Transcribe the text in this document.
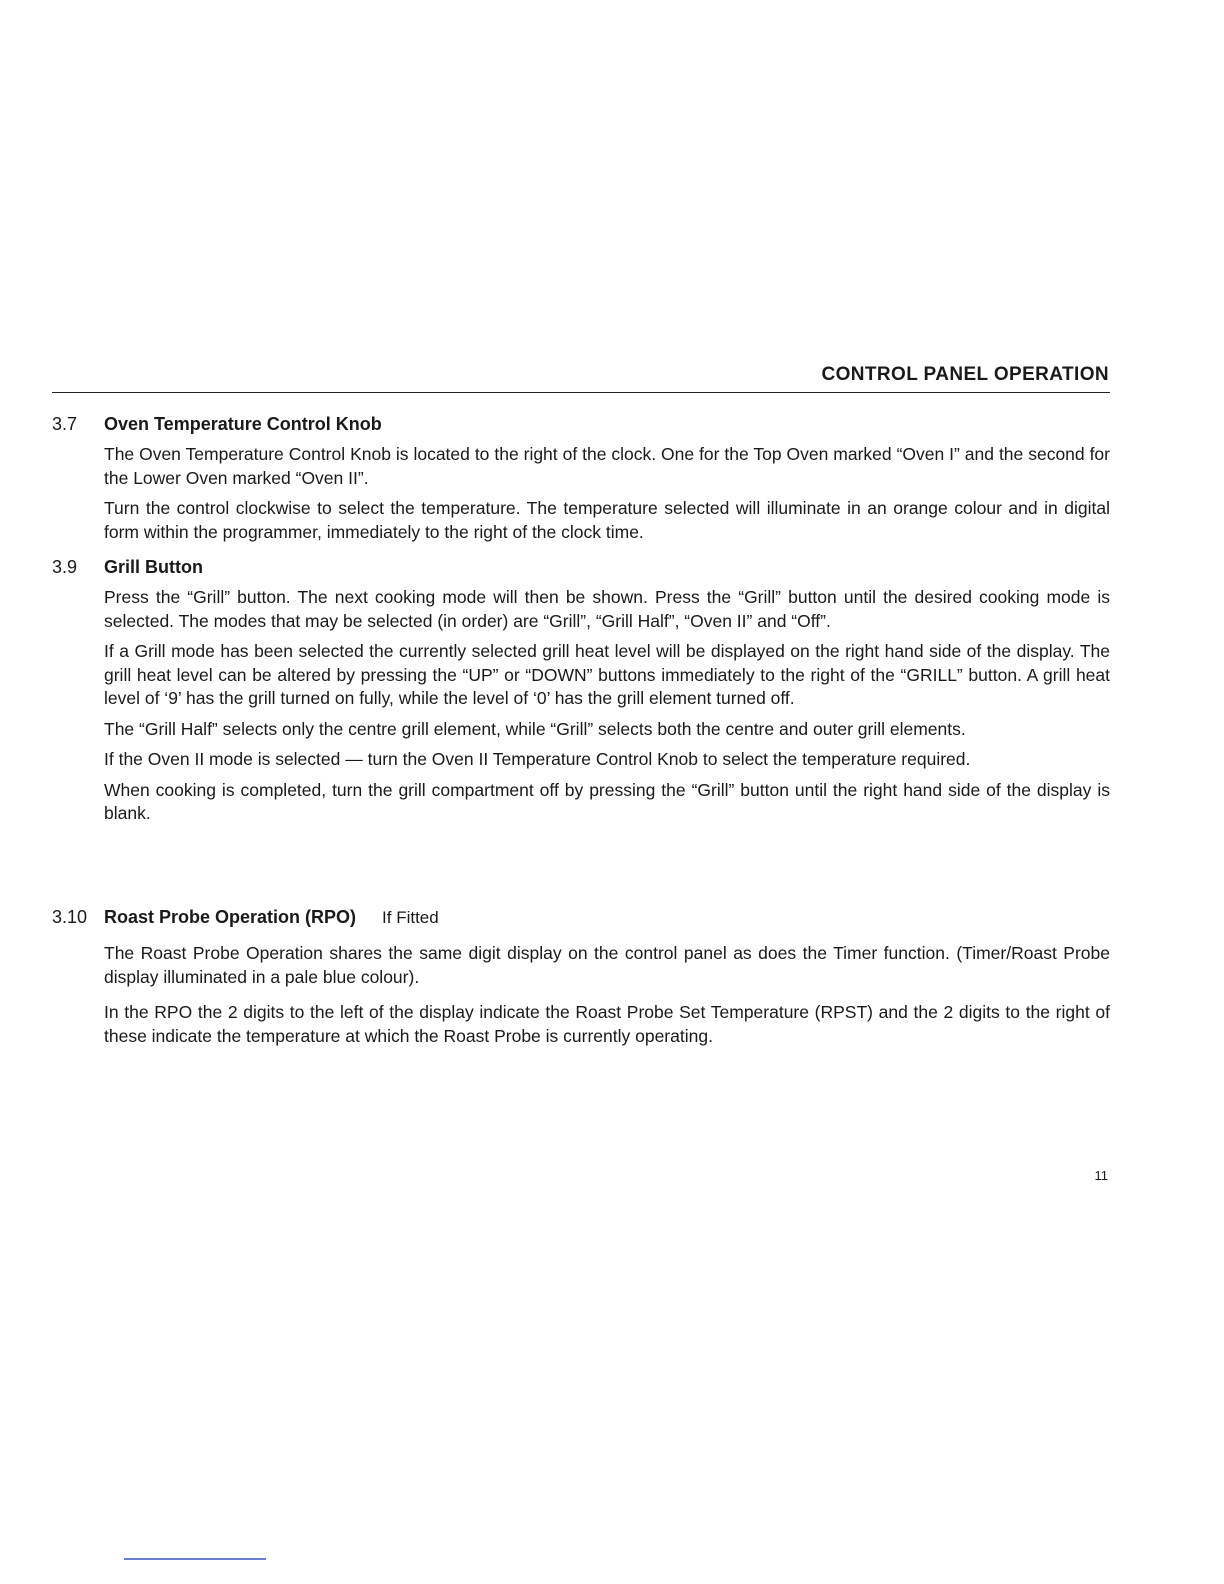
CONTROL PANEL OPERATION
3.7	Oven Temperature Control Knob

The Oven Temperature Control Knob is located to the right of the clock. One for the Top Oven marked “Oven I” and the second for the Lower Oven marked “Oven II”.

Turn the control clockwise to select the temperature. The temperature selected will illuminate in an orange colour and in digital form within the programmer, immediately to the right of the clock time.

3.9	Grill Button

Press the “Grill” button. The next cooking mode will then be shown. Press the “Grill” button until the desired cooking mode is selected. The modes that may be selected (in order) are “Grill”, “Grill Half”, “Oven II” and “Off”.

If a Grill mode has been selected the currently selected grill heat level will be displayed on the right hand side of the display. The grill heat level can be altered by pressing the “UP” or “DOWN” buttons immediately to the right of the “GRILL” button. A grill heat level of ‘9’ has the grill turned on fully, while the level of ‘0’ has the grill element turned off.

The “Grill Half” selects only the centre grill element, while “Grill” selects both the centre and outer grill elements.

If the Oven II mode is selected — turn the Oven II Temperature Control Knob to select the temperature required.

When cooking is completed, turn the grill compartment off by pressing the “Grill” button until the right hand side of the display is blank.

3.10 Roast Probe Operation (RPO) If Fitted

The Roast Probe Operation shares the same digit display on the control panel as does the Timer function. (Timer/Roast Probe display illuminated in a pale blue colour).

In the RPO the 2 digits to the left of the display indicate the Roast Probe Set Temperature (RPST) and the 2 digits to the right of these indicate the temperature at which the Roast Probe is currently operating.

11
